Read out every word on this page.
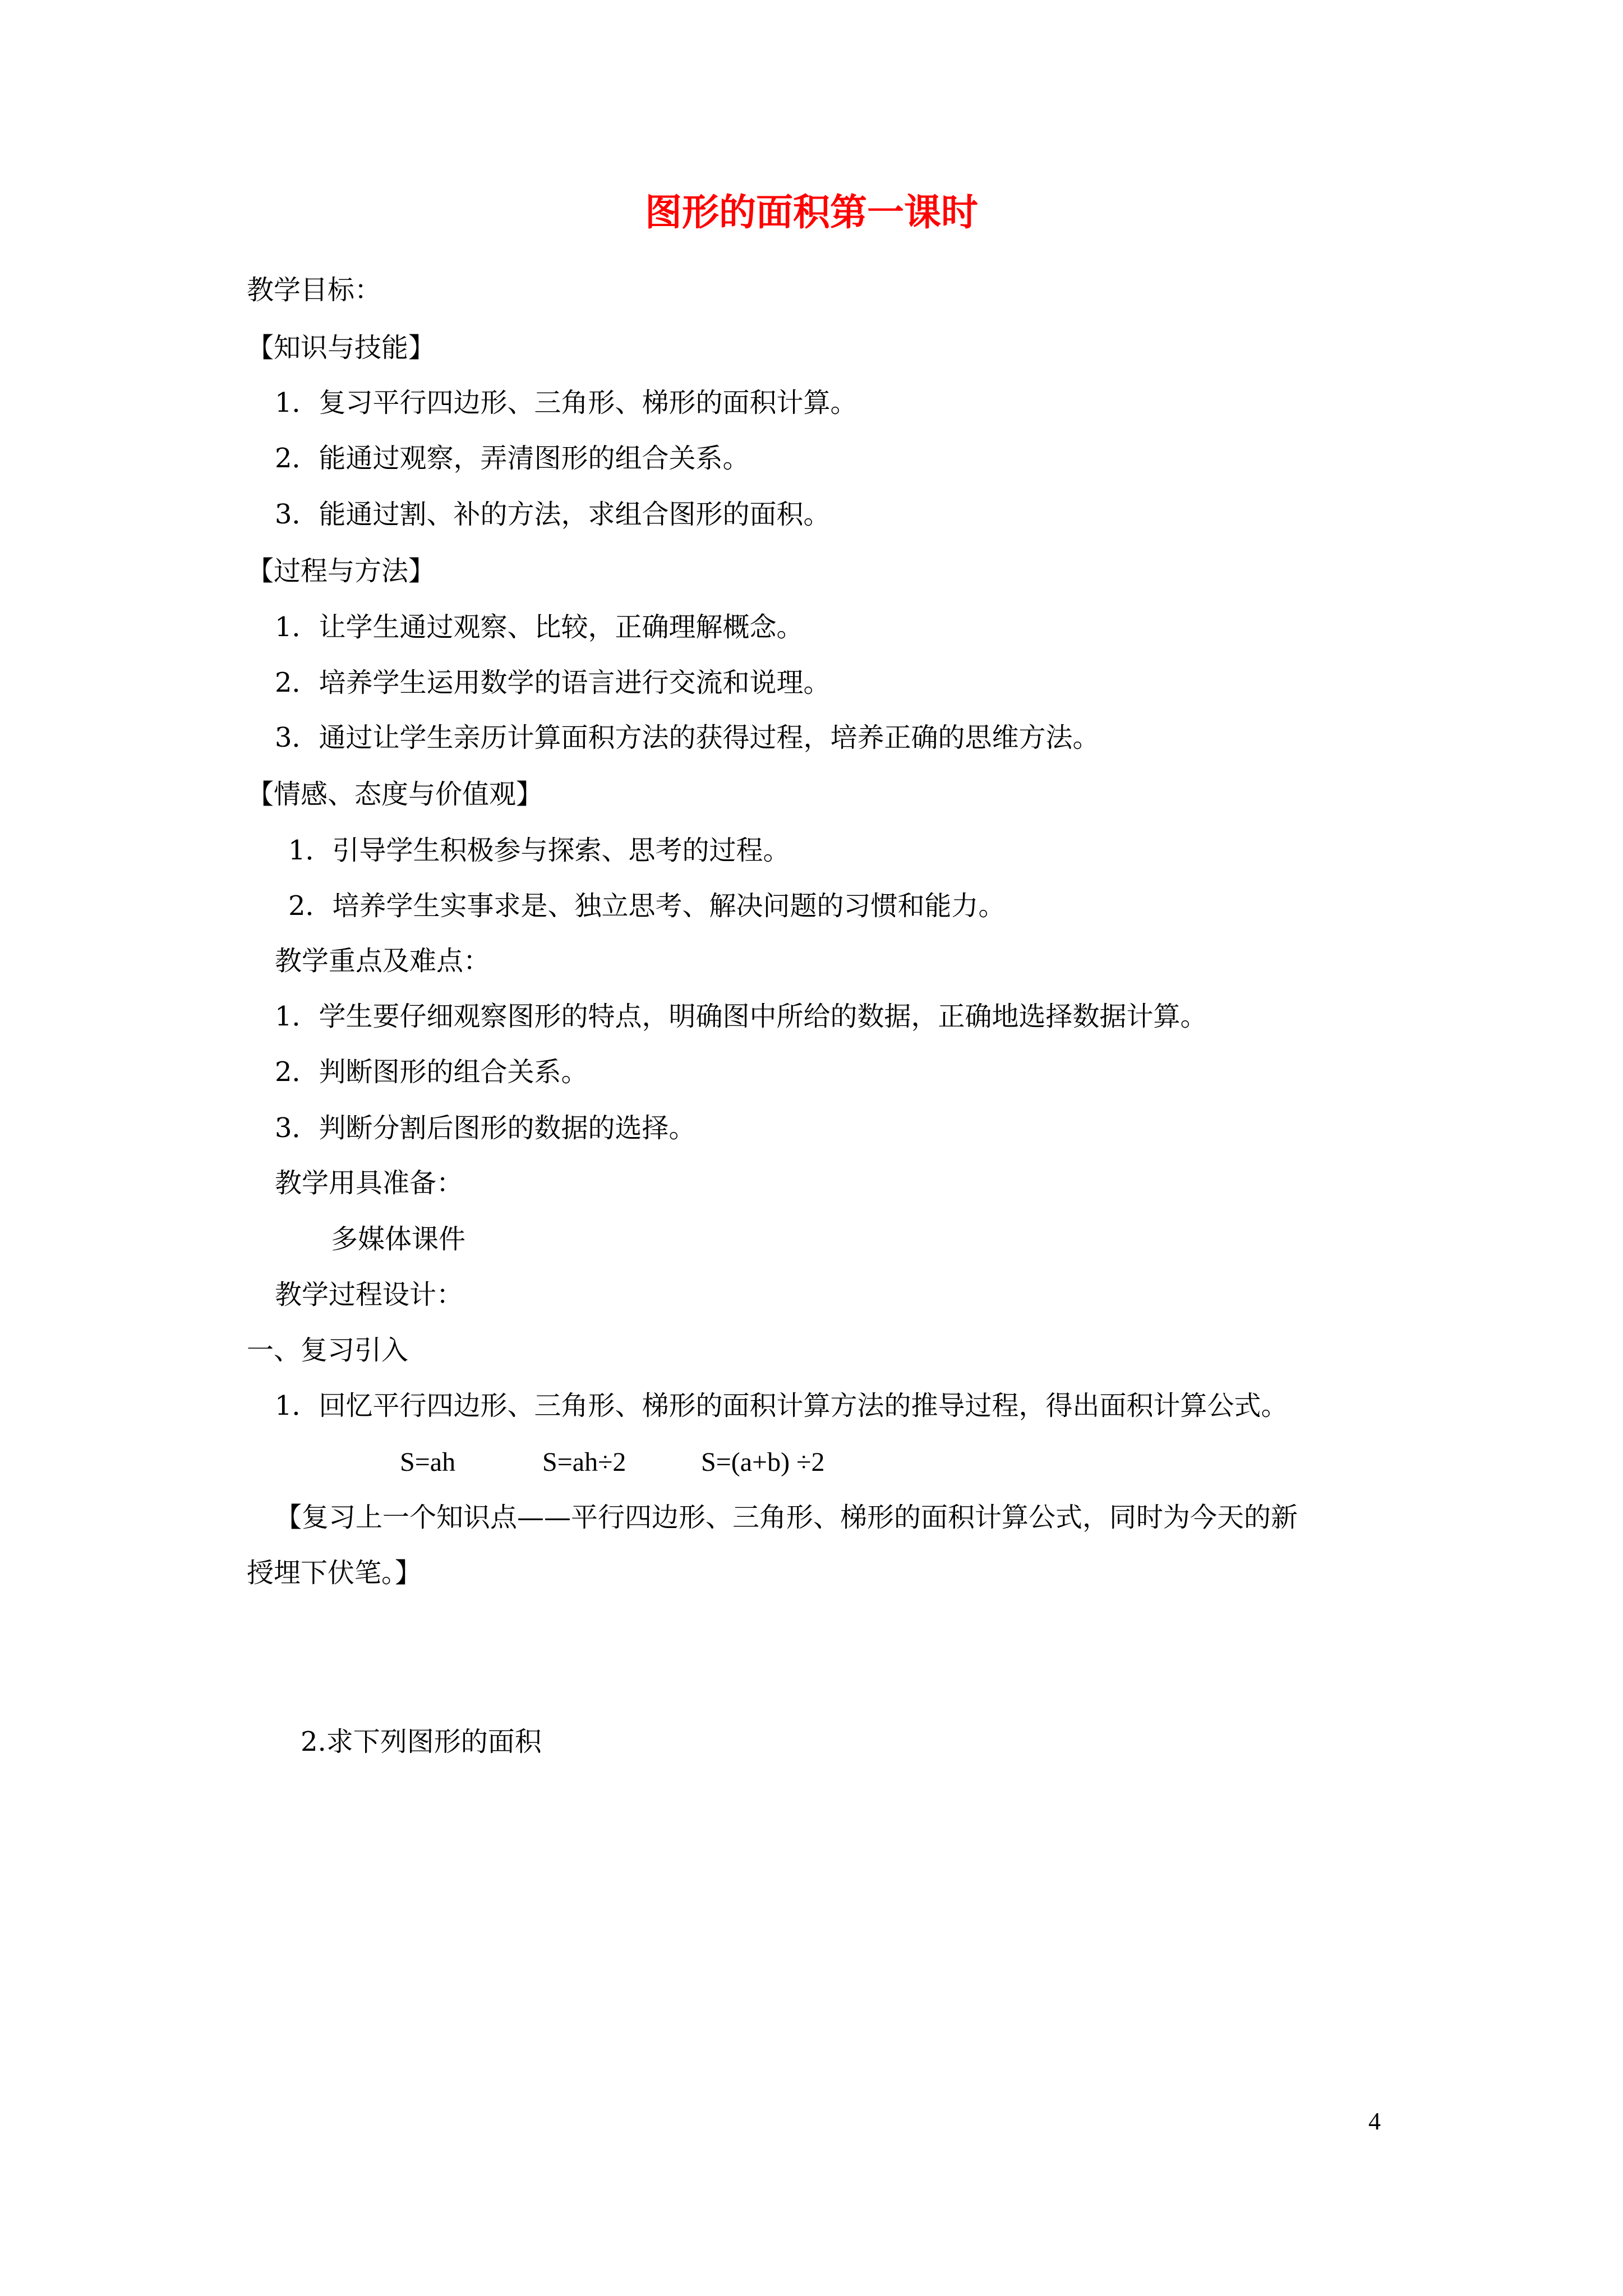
图形的面积第一课时
教学目标：
【知识与技能】
1．复习平行四边形、三角形、梯形的面积计算。
2．能通过观察，弄清图形的组合关系。
3．能通过割、补的方法，求组合图形的面积。
【过程与方法】
1．让学生通过观察、比较，正确理解概念。
2．培养学生运用数学的语言进行交流和说理。
3．通过让学生亲历计算面积方法的获得过程，培养正确的思维方法。
【情感、态度与价值观】
1．引导学生积极参与探索、思考的过程。
2．培养学生实事求是、独立思考、解决问题的习惯和能力。
教学重点及难点：
1．学生要仔细观察图形的特点，明确图中所给的数据，正确地选择数据计算。
2．判断图形的组合关系。
3．判断分割后图形的数据的选择。
教学用具准备：
多媒体课件
教学过程设计：
一、复习引入
1．回忆平行四边形、三角形、梯形的面积计算方法的推导过程，得出面积计算公式。
S=ah	S=ah÷2	S=(a+b) ÷2
【复习上一个知识点——平行四边形、三角形、梯形的面积计算公式，同时为今天的新
授埋下伏笔。】
2.求下列图形的面积
4
